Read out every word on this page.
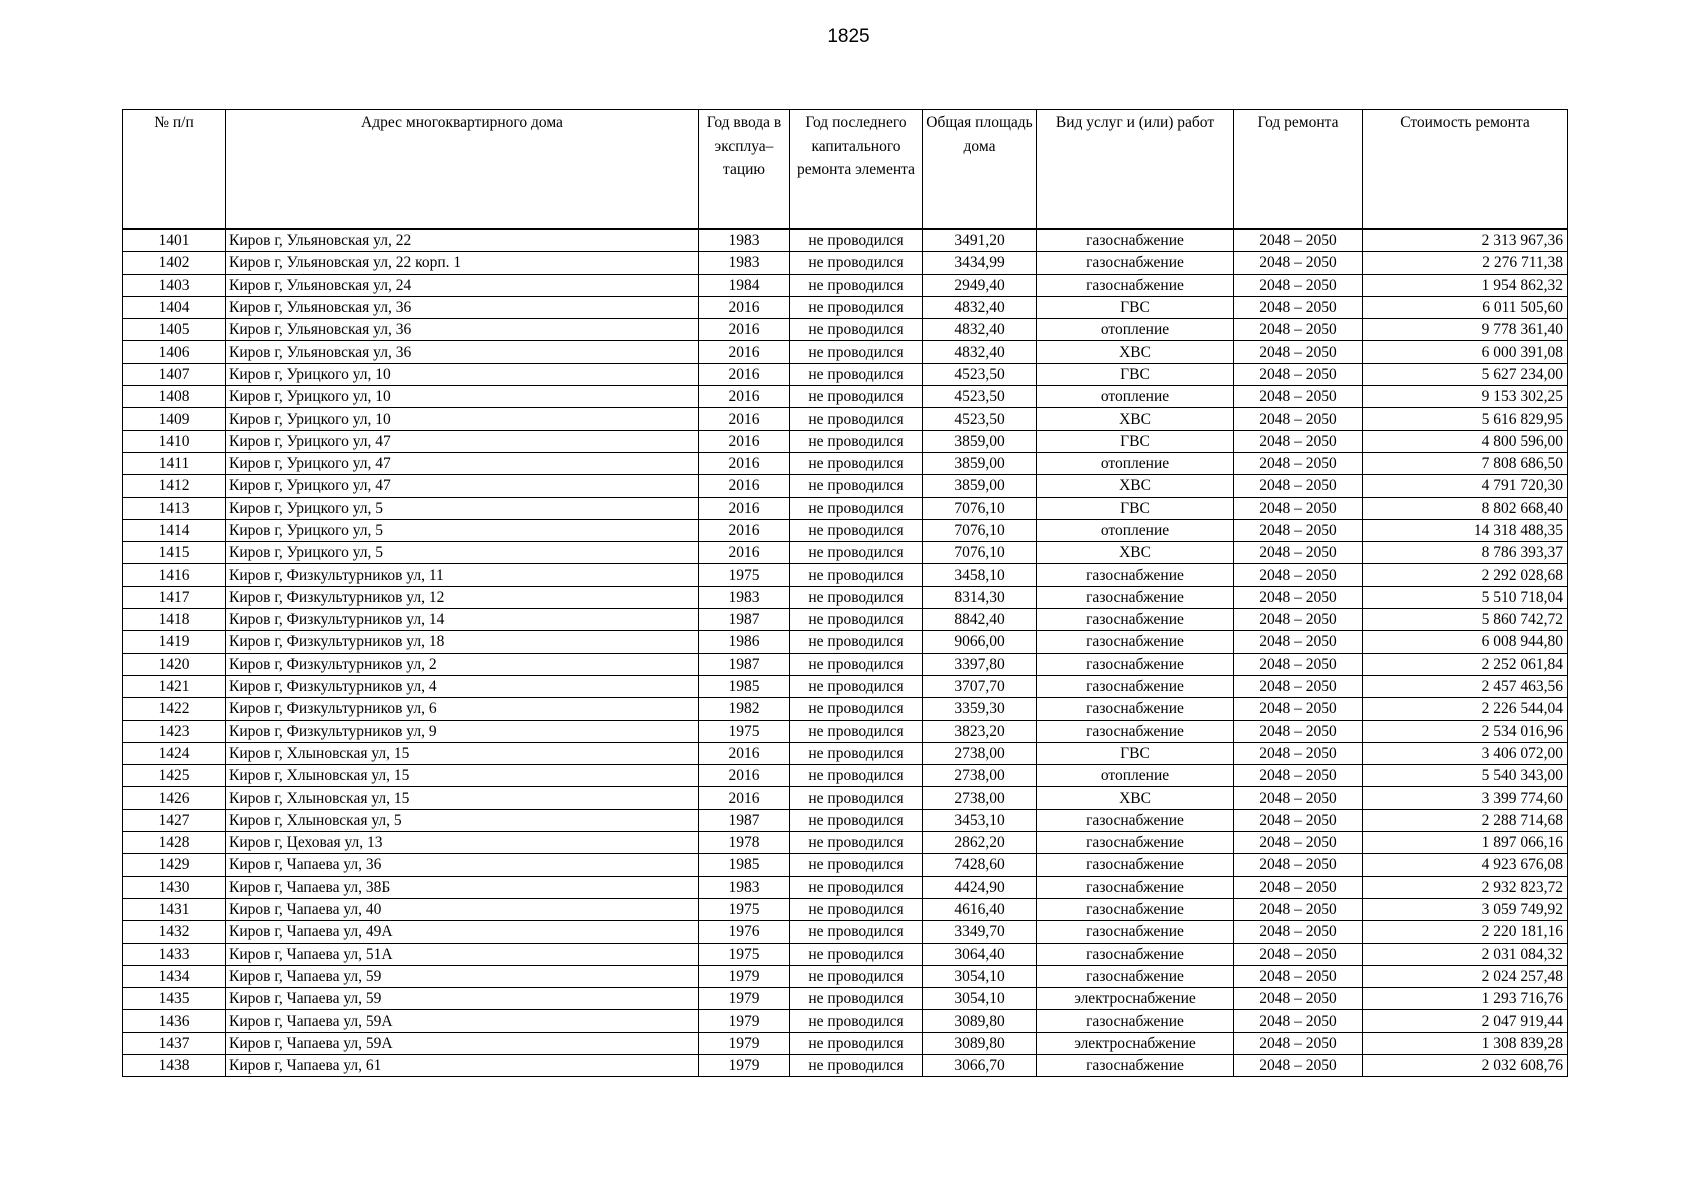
1825
№ п/п	Адрес многоквартирного дома	Год ввода в эксплуа–тацию	Год последнего капитального ремонта элемента	Общая площадь дома	Вид услуг и (или) работ	Год ремонта	Стоимость ремонта
1401	Киров г, Ульяновская ул, 22	1983	не проводился	3491,20	газоснабжение	2048 – 2050	2 313 967,36
1402	Киров г, Ульяновская ул, 22 корп. 1	1983	не проводился	3434,99	газоснабжение	2048 – 2050	2 276 711,38
1403	Киров г, Ульяновская ул, 24	1984	не проводился	2949,40	газоснабжение	2048 – 2050	1 954 862,32
1404	Киров г, Ульяновская ул, 36	2016	не проводился	4832,40	ГВС	2048 – 2050	6 011 505,60
1405	Киров г, Ульяновская ул, 36	2016	не проводился	4832,40	отопление	2048 – 2050	9 778 361,40
1406	Киров г, Ульяновская ул, 36	2016	не проводился	4832,40	ХВС	2048 – 2050	6 000 391,08
1407	Киров г, Урицкого ул, 10	2016	не проводился	4523,50	ГВС	2048 – 2050	5 627 234,00
1408	Киров г, Урицкого ул, 10	2016	не проводился	4523,50	отопление	2048 – 2050	9 153 302,25
1409	Киров г, Урицкого ул, 10	2016	не проводился	4523,50	ХВС	2048 – 2050	5 616 829,95
1410	Киров г, Урицкого ул, 47	2016	не проводился	3859,00	ГВС	2048 – 2050	4 800 596,00
1411	Киров г, Урицкого ул, 47	2016	не проводился	3859,00	отопление	2048 – 2050	7 808 686,50
1412	Киров г, Урицкого ул, 47	2016	не проводился	3859,00	ХВС	2048 – 2050	4 791 720,30
1413	Киров г, Урицкого ул, 5	2016	не проводился	7076,10	ГВС	2048 – 2050	8 802 668,40
1414	Киров г, Урицкого ул, 5	2016	не проводился	7076,10	отопление	2048 – 2050	14 318 488,35
1415	Киров г, Урицкого ул, 5	2016	не проводился	7076,10	ХВС	2048 – 2050	8 786 393,37
1416	Киров г, Физкультурников ул, 11	1975	не проводился	3458,10	газоснабжение	2048 – 2050	2 292 028,68
1417	Киров г, Физкультурников ул, 12	1983	не проводился	8314,30	газоснабжение	2048 – 2050	5 510 718,04
1418	Киров г, Физкультурников ул, 14	1987	не проводился	8842,40	газоснабжение	2048 – 2050	5 860 742,72
1419	Киров г, Физкультурников ул, 18	1986	не проводился	9066,00	газоснабжение	2048 – 2050	6 008 944,80
1420	Киров г, Физкультурников ул, 2	1987	не проводился	3397,80	газоснабжение	2048 – 2050	2 252 061,84
1421	Киров г, Физкультурников ул, 4	1985	не проводился	3707,70	газоснабжение	2048 – 2050	2 457 463,56
1422	Киров г, Физкультурников ул, 6	1982	не проводился	3359,30	газоснабжение	2048 – 2050	2 226 544,04
1423	Киров г, Физкультурников ул, 9	1975	не проводился	3823,20	газоснабжение	2048 – 2050	2 534 016,96
1424	Киров г, Хлыновская ул, 15	2016	не проводился	2738,00	ГВС	2048 – 2050	3 406 072,00
1425	Киров г, Хлыновская ул, 15	2016	не проводился	2738,00	отопление	2048 – 2050	5 540 343,00
1426	Киров г, Хлыновская ул, 15	2016	не проводился	2738,00	ХВС	2048 – 2050	3 399 774,60
1427	Киров г, Хлыновская ул, 5	1987	не проводился	3453,10	газоснабжение	2048 – 2050	2 288 714,68
1428	Киров г, Цеховая ул, 13	1978	не проводился	2862,20	газоснабжение	2048 – 2050	1 897 066,16
1429	Киров г, Чапаева ул, 36	1985	не проводился	7428,60	газоснабжение	2048 – 2050	4 923 676,08
1430	Киров г, Чапаева ул, 38Б	1983	не проводился	4424,90	газоснабжение	2048 – 2050	2 932 823,72
1431	Киров г, Чапаева ул, 40	1975	не проводился	4616,40	газоснабжение	2048 – 2050	3 059 749,92
1432	Киров г, Чапаева ул, 49А	1976	не проводился	3349,70	газоснабжение	2048 – 2050	2 220 181,16
1433	Киров г, Чапаева ул, 51А	1975	не проводился	3064,40	газоснабжение	2048 – 2050	2 031 084,32
1434	Киров г, Чапаева ул, 59	1979	не проводился	3054,10	газоснабжение	2048 – 2050	2 024 257,48
1435	Киров г, Чапаева ул, 59	1979	не проводился	3054,10	электроснабжение	2048 – 2050	1 293 716,76
1436	Киров г, Чапаева ул, 59А	1979	не проводился	3089,80	газоснабжение	2048 – 2050	2 047 919,44
1437	Киров г, Чапаева ул, 59А	1979	не проводился	3089,80	электроснабжение	2048 – 2050	1 308 839,28
1438	Киров г, Чапаева ул, 61	1979	не проводился	3066,70	газоснабжение	2048 – 2050	2 032 608,76
